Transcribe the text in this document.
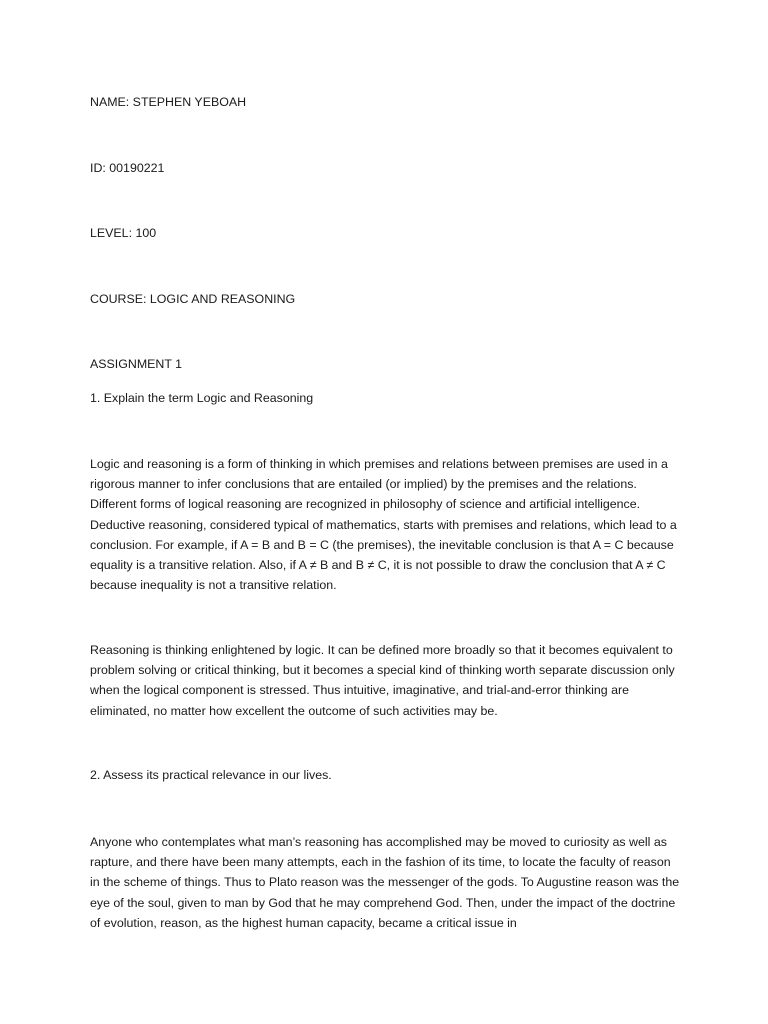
NAME: STEPHEN YEBOAH

ID: 00190221

LEVEL: 100

COURSE: LOGIC AND REASONING

ASSIGNMENT 1

1. Explain the term Logic and Reasoning

Logic and reasoning is a form of thinking in which premises and relations between premises are used in a rigorous manner to infer conclusions that are entailed (or implied) by the premises and the relations. Different forms of logical reasoning are recognized in philosophy of science and artificial intelligence. Deductive reasoning, considered typical of mathematics, starts with premises and relations, which lead to a conclusion. For example, if A = B and B = C (the premises), the inevitable conclusion is that A = C because equality is a transitive relation. Also, if A ≠ B and B ≠ C, it is not possible to draw the conclusion that A ≠ C because inequality is not a transitive relation.

Reasoning is thinking enlightened by logic. It can be defined more broadly so that it becomes equivalent to problem solving or critical thinking, but it becomes a special kind of thinking worth separate discussion only when the logical component is stressed. Thus intuitive, imaginative, and trial-and-error thinking are eliminated, no matter how excellent the outcome of such activities may be.

2. Assess its practical relevance in our lives.

Anyone who contemplates what man’s reasoning has accomplished may be moved to curiosity as well as rapture, and there have been many attempts, each in the fashion of its time, to locate the faculty of reason in the scheme of things. Thus to Plato reason was the messenger of the gods. To Augustine reason was the eye of the soul, given to man by God that he may comprehend God. Then, under the impact of the doctrine of evolution, reason, as the highest human capacity, became a critical issue in
